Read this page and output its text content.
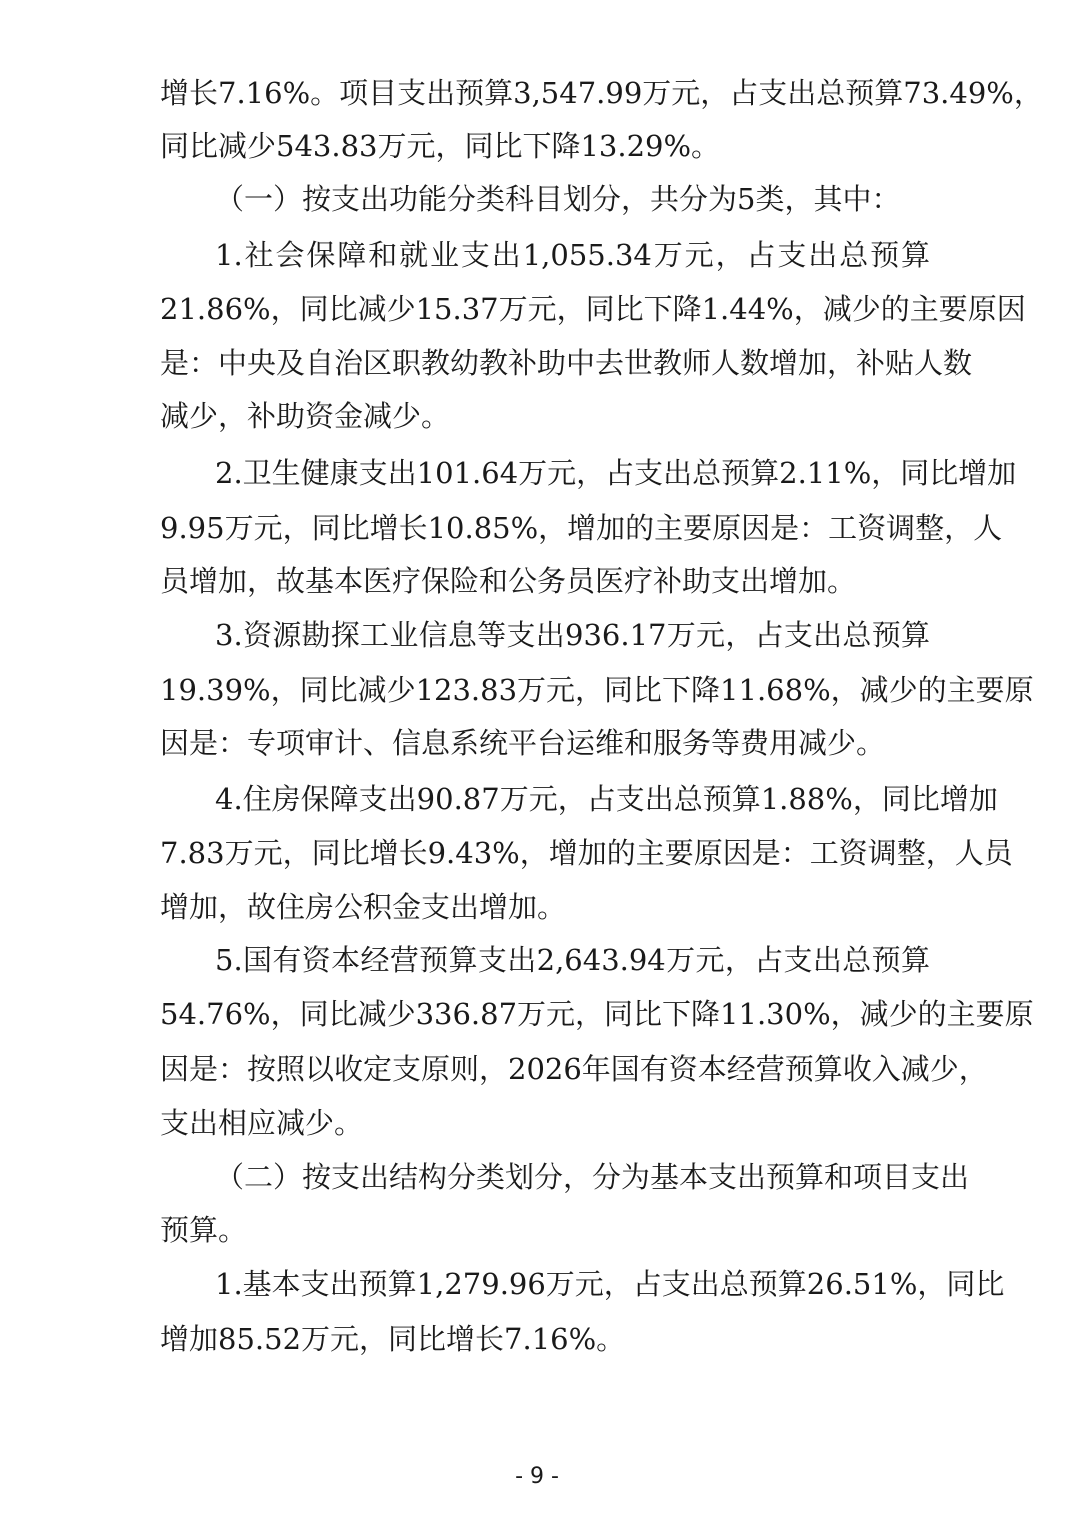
增长7.16%。项目支出预算3,547.99万元，占支出总预算73.49%，
同比减少543.83万元，同比下降13.29%。
（一）按支出功能分类科目划分，共分为5类，其中：
1.社会保障和就业支出1,055.34万元，占支出总预算
21.86%，同比减少15.37万元，同比下降1.44%，减少的主要原因
是：中央及自治区职教幼教补助中去世教师人数增加，补贴人数
减少，补助资金减少。
2.卫生健康支出101.64万元，占支出总预算2.11%，同比增加
9.95万元，同比增长10.85%，增加的主要原因是：工资调整，人
员增加，故基本医疗保险和公务员医疗补助支出增加。
3.资源勘探工业信息等支出936.17万元，占支出总预算
19.39%，同比减少123.83万元，同比下降11.68%，减少的主要原
因是：专项审计、信息系统平台运维和服务等费用减少。
4.住房保障支出90.87万元，占支出总预算1.88%，同比增加
7.83万元，同比增长9.43%，增加的主要原因是：工资调整，人员
增加，故住房公积金支出增加。
5.国有资本经营预算支出2,643.94万元，占支出总预算
54.76%，同比减少336.87万元，同比下降11.30%，减少的主要原
因是：按照以收定支原则，2026年国有资本经营预算收入减少，
支出相应减少。
（二）按支出结构分类划分，分为基本支出预算和项目支出
预算。
1.基本支出预算1,279.96万元，占支出总预算26.51%，同比
增加85.52万元，同比增长7.16%。
- 9 -
